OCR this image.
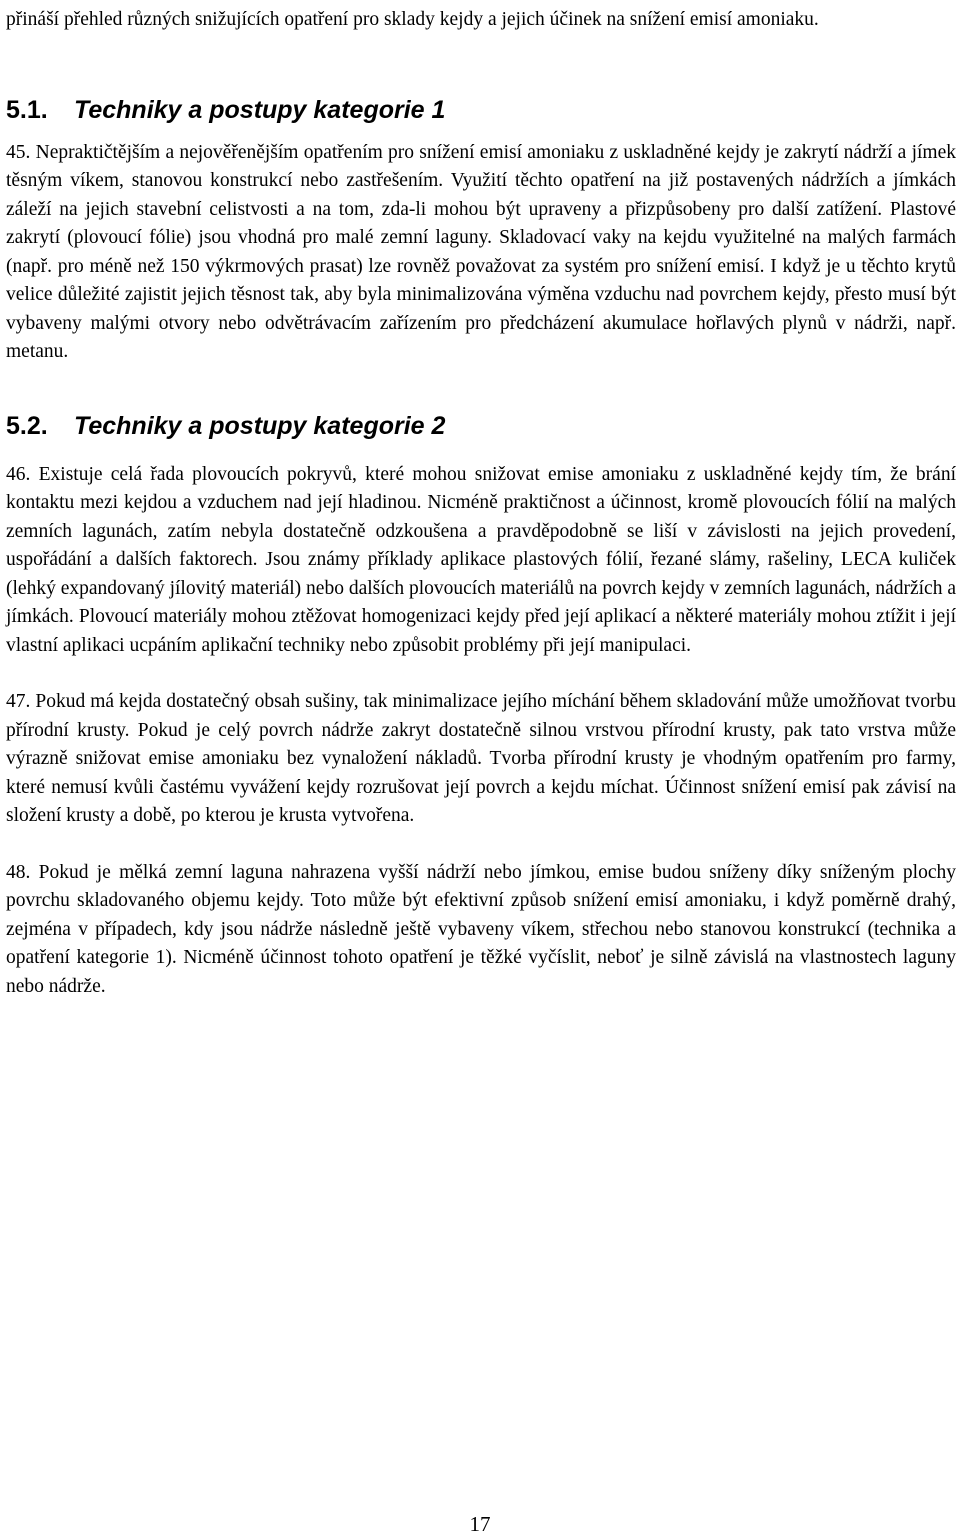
přináší přehled různých snižujících opatření pro sklady kejdy a jejich účinek na snížení emisí amoniaku.

5.1. Techniky a postupy kategorie 1

45. Nepraktičtějším a nejověřenějším opatřením pro snížení emisí amoniaku z uskladněné kejdy je zakrytí nádrží a jímek těsným víkem, stanovou konstrukcí nebo zastřešením. Využití těchto opatření na již postavených nádržích a jímkách záleží na jejich stavební celistvosti a na tom, zda-li mohou být upraveny a přizpůsobeny pro další zatížení. Plastové zakrytí (plovoucí fólie) jsou vhodná pro malé zemní laguny. Skladovací vaky na kejdu využitelné na malých farmách (např. pro méně než 150 výkrmových prasat) lze rovněž považovat za systém pro snížení emisí. I když je u těchto krytů velice důležité zajistit jejich těsnost tak, aby byla minimalizována výměna vzduchu nad povrchem kejdy, přesto musí být vybaveny malými otvory nebo odvětrávacím zařízením pro předcházení akumulace hořlavých plynů v nádrži, např. metanu.

5.2. Techniky a postupy kategorie 2

46. Existuje celá řada plovoucích pokryvů, které mohou snižovat emise amoniaku z uskladněné kejdy tím, že brání kontaktu mezi kejdou a vzduchem nad její hladinou. Nicméně praktičnost a účinnost, kromě plovoucích fólií na malých zemních lagunách, zatím nebyla dostatečně odzkoušena a pravděpodobně se liší v závislosti na jejich provedení, uspořádání a dalších faktorech. Jsou známy příklady aplikace plastových fólií, řezané slámy, rašeliny, LECA kuliček (lehký expandovaný jílovitý materiál) nebo dalších plovoucích materiálů na povrch kejdy v zemních lagunách, nádržích a jímkách. Plovoucí materiály mohou ztěžovat homogenizaci kejdy před její aplikací a některé materiály mohou ztížit i její vlastní aplikaci ucpáním aplikační techniky nebo způsobit problémy při její manipulaci.

47. Pokud má kejda dostatečný obsah sušiny, tak minimalizace jejího míchání během skladování může umožňovat tvorbu přírodní krusty. Pokud je celý povrch nádrže zakryt dostatečně silnou vrstvou přírodní krusty, pak tato vrstva může výrazně snižovat emise amoniaku bez vynaložení nákladů. Tvorba přírodní krusty je vhodným opatřením pro farmy, které nemusí kvůli častému vyvážení kejdy rozrušovat její povrch a kejdu míchat. Účinnost snížení emisí pak závisí na složení krusty a době, po kterou je krusta vytvořena.

48. Pokud je mělká zemní laguna nahrazena vyšší nádrží nebo jímkou, emise budou sníženy díky sníženým plochy povrchu skladovaného objemu kejdy. Toto může být efektivní způsob snížení emisí amoniaku, i když poměrně drahý, zejména v případech, kdy jsou nádrže následně ještě vybaveny víkem, střechou nebo stanovou konstrukcí (technika a opatření kategorie 1). Nicméně účinnost tohoto opatření je těžké vyčíslit, neboť je silně závislá na vlastnostech laguny nebo nádrže.

17
